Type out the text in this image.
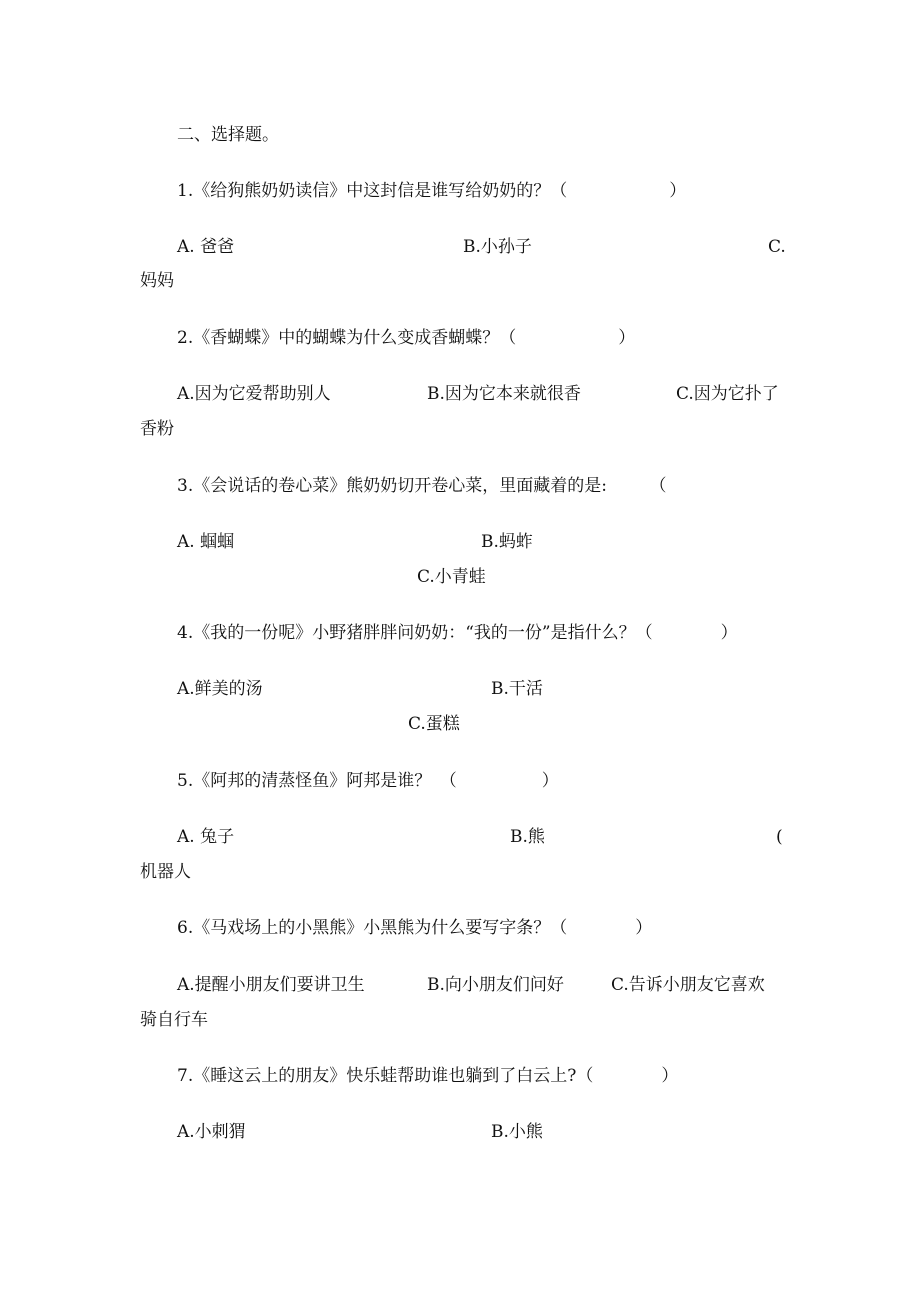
二、选择题。
1.《给狗熊奶奶读信》中这封信是谁写给奶奶的？（　　　　　　）
A. 爸爸	B.小孙子	C.
妈妈
2.《香蝴蝶》中的蝴蝶为什么变成香蝴蝶？（　　　　　　）
A.因为它爱帮助别人	B.因为它本来就很香	C.因为它扑了
香粉
3.《会说话的卷心菜》熊奶奶切开卷心菜，里面藏着的是:　　　（
A. 蝈蝈	B.蚂蚱
C.小青蛙
4.《我的一份呢》小野猪胖胖问奶奶：“我的一份”是指什么？（　　　　）
A.鲜美的汤	B.干活
C.蛋糕
5.《阿邦的清蒸怪鱼》阿邦是谁？　（　　　　　）
A. 兔子	B.熊	(
机器人
6.《马戏场上的小黑熊》小黑熊为什么要写字条？（　　　　）
A.提醒小朋友们要讲卫生	B.向小朋友们问好	C.告诉小朋友它喜欢
骑自行车
7.《睡这云上的朋友》快乐蛙帮助谁也躺到了白云上?（　　　　）
A.小刺猬	B.小熊
